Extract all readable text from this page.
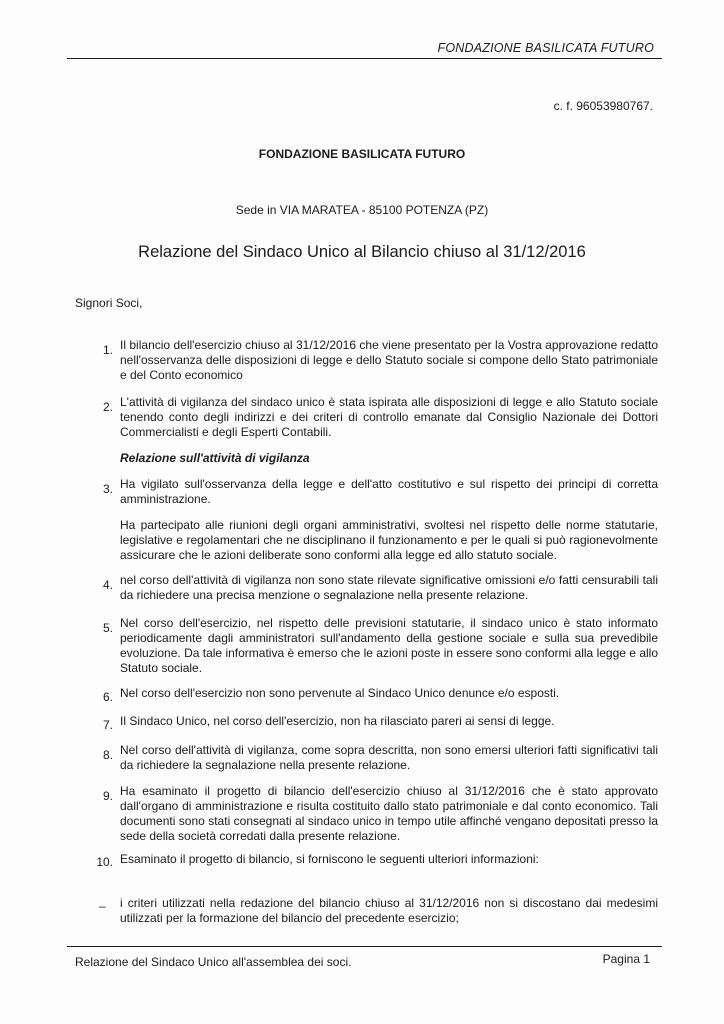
FONDAZIONE BASILICATA FUTURO
c. f. 96053980767.
FONDAZIONE BASILICATA FUTURO
Sede in VIA MARATEA - 85100 POTENZA (PZ)
Relazione del Sindaco Unico al Bilancio chiuso al 31/12/2016
Signori Soci,
1. Il bilancio dell'esercizio chiuso al 31/12/2016 che viene presentato per la Vostra approvazione redatto nell'osservanza delle disposizioni di legge e dello Statuto sociale si compone dello Stato patrimoniale e del Conto economico
2. L'attività di vigilanza del sindaco unico è stata ispirata alle disposizioni di legge e allo Statuto sociale tenendo conto degli indirizzi e dei criteri di controllo emanate dal Consiglio Nazionale dei Dottori Commercialisti e degli Esperti Contabili.
Relazione sull'attività di vigilanza
3. Ha vigilato sull'osservanza della legge e dell'atto costitutivo e sul rispetto dei principi di corretta amministrazione.
Ha partecipato alle riunioni degli organi amministrativi, svoltesi nel rispetto delle norme statutarie, legislative e regolamentari che ne disciplinano il funzionamento e per le quali si può ragionevolmente assicurare che le azioni deliberate sono conformi alla legge ed allo statuto sociale.
4. nel corso dell'attività di vigilanza non sono state rilevate significative omissioni e/o fatti censurabili tali da richiedere una precisa menzione o segnalazione nella presente relazione.
5. Nel corso dell'esercizio, nel rispetto delle previsioni statutarie, il sindaco unico è stato informato periodicamente dagli amministratori sull'andamento della gestione sociale e sulla sua prevedibile evoluzione. Da tale informativa è emerso che le azioni poste in essere sono conformi alla legge e allo Statuto sociale.
6. Nel corso dell'esercizio non sono pervenute al Sindaco Unico denunce e/o esposti.
7. Il Sindaco Unico, nel corso dell'esercizio, non ha rilasciato pareri ai sensi di legge.
8. Nel corso dell'attività di vigilanza, come sopra descritta, non sono emersi ulteriori fatti significativi tali da richiedere la segnalazione nella presente relazione.
9. Ha esaminato il progetto di bilancio dell'esercizio chiuso al 31/12/2016 che è stato approvato dall'organo di amministrazione e risulta costituito dallo stato patrimoniale e dal conto economico. Tali documenti sono stati consegnati al sindaco unico in tempo utile affinché vengano depositati presso la sede della società corredati dalla presente relazione.
10. Esaminato il progetto di bilancio, si forniscono le seguenti ulteriori informazioni:
– i criteri utilizzati nella redazione del bilancio chiuso al 31/12/2016 non si discostano dai medesimi utilizzati per la formazione del bilancio del precedente esercizio;
Relazione del Sindaco Unico all'assemblea dei soci.	Pagina 1
